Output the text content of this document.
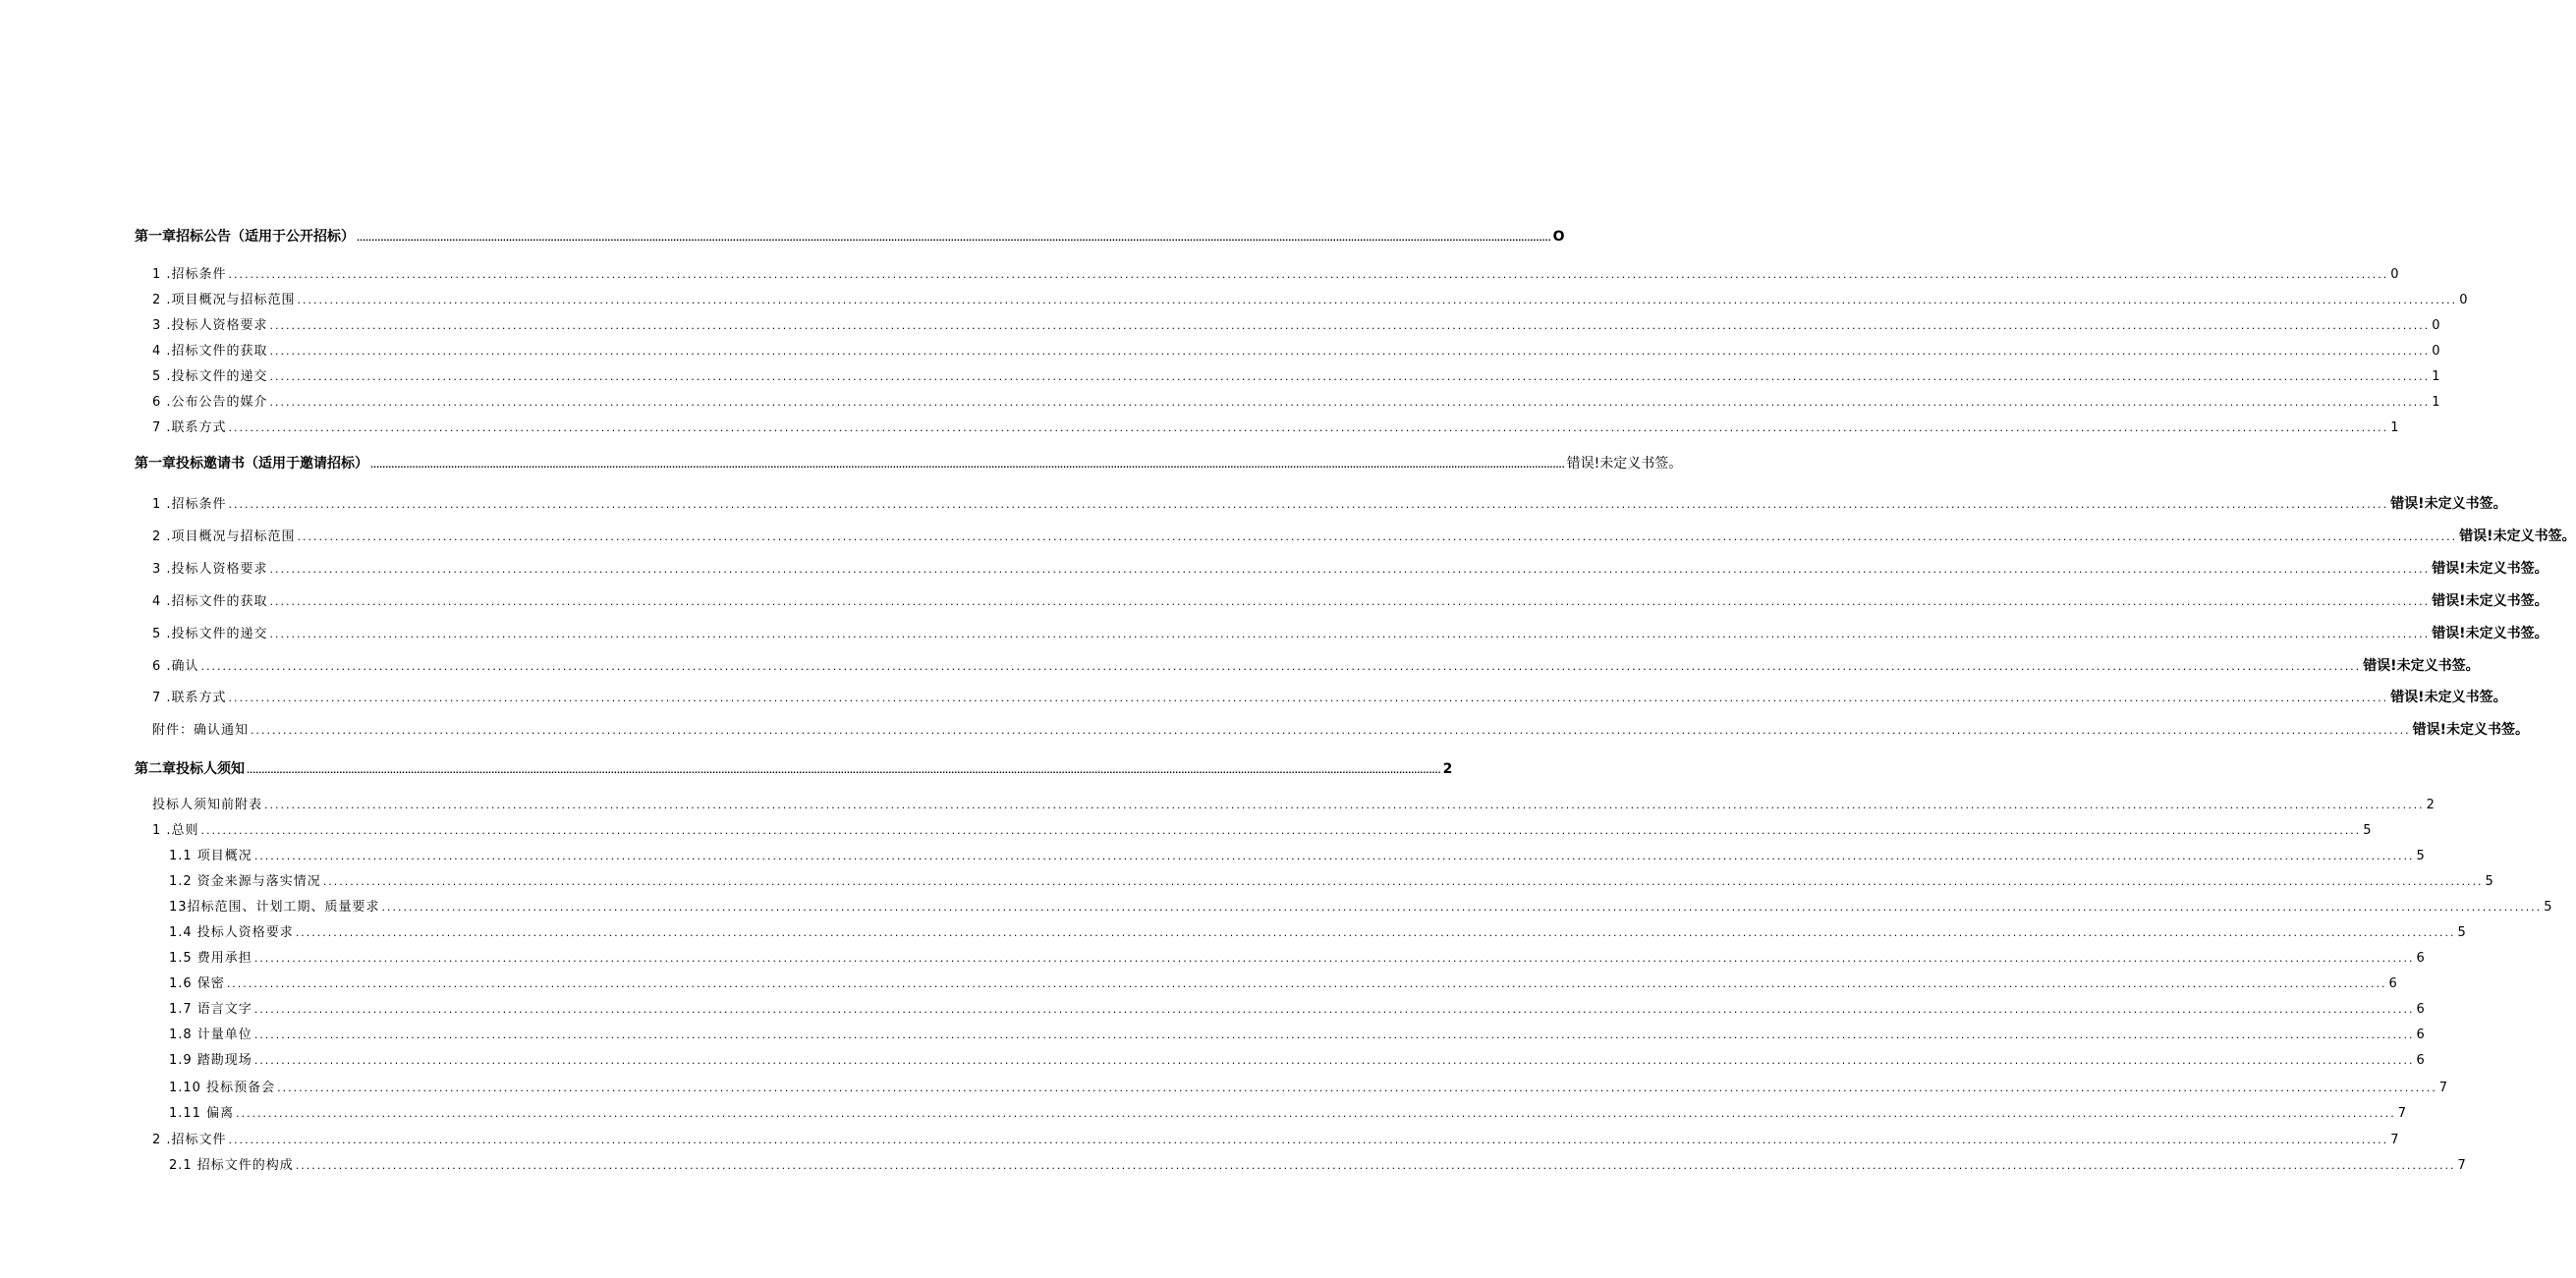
第一章招标公告（适用于公开招标） ................................................................................................................................................................................................................................................................................................................................................................................................................ O
1 .招标条件 ................................................................................................................................................................................................................................................................................................................................................................................................................ 0
2 .项目概况与招标范围 ................................................................................................................................................................................................................................................................................................................................................................................................................ 0
3 .投标人资格要求 ................................................................................................................................................................................................................................................................................................................................................................................................................ 0
4 .招标文件的获取 ................................................................................................................................................................................................................................................................................................................................................................................................................ 0
5 .投标文件的递交 ................................................................................................................................................................................................................................................................................................................................................................................................................ 1
6 .公布公告的媒介 ................................................................................................................................................................................................................................................................................................................................................................................................................ 1
7 .联系方式 ................................................................................................................................................................................................................................................................................................................................................................................................................ 1
第一章投标邀请书（适用于邀请招标） ................................................................................................................................................................................................................................................................................................................................................................................................................ 错误!未定义书签。
1 .招标条件 ................................................................................................................................................................................................................................................................................................................................................................................................................ 错误!未定义书签。
2 .项目概况与招标范围 ................................................................................................................................................................................................................................................................................................................................................................................................................ 错误!未定义书签。
3 .投标人资格要求 ................................................................................................................................................................................................................................................................................................................................................................................................................ 错误!未定义书签。
4 .招标文件的获取 ................................................................................................................................................................................................................................................................................................................................................................................................................ 错误!未定义书签。
5 .投标文件的递交 ................................................................................................................................................................................................................................................................................................................................................................................................................ 错误!未定义书签。
6 .确认 ................................................................................................................................................................................................................................................................................................................................................................................................................ 错误!未定义书签。
7 .联系方式 ................................................................................................................................................................................................................................................................................................................................................................................................................ 错误!未定义书签。
附件：确认通知 ................................................................................................................................................................................................................................................................................................................................................................................................................ 错误!未定义书签。
第二章投标人须知 ................................................................................................................................................................................................................................................................................................................................................................................................................ 2
投标人须知前附表 ................................................................................................................................................................................................................................................................................................................................................................................................................ 2
1 .总则 ................................................................................................................................................................................................................................................................................................................................................................................................................ 5
1.1 项目概况 ................................................................................................................................................................................................................................................................................................................................................................................................................ 5
1.2 资金来源与落实情况 ................................................................................................................................................................................................................................................................................................................................................................................................................ 5
13招标范围、计划工期、质量要求 ................................................................................................................................................................................................................................................................................................................................................................................................................ 5
1.4 投标人资格要求 ................................................................................................................................................................................................................................................................................................................................................................................................................ 5
1.5 费用承担 ................................................................................................................................................................................................................................................................................................................................................................................................................ 6
1.6 保密 ................................................................................................................................................................................................................................................................................................................................................................................................................ 6
1.7 语言文字 ................................................................................................................................................................................................................................................................................................................................................................................................................ 6
1.8 计量单位 ................................................................................................................................................................................................................................................................................................................................................................................................................ 6
1.9 踏勘现场 ................................................................................................................................................................................................................................................................................................................................................................................................................ 6
1.10 投标预备会 ................................................................................................................................................................................................................................................................................................................................................................................................................ 7
1.11 偏离 ................................................................................................................................................................................................................................................................................................................................................................................................................ 7
2 .招标文件 ................................................................................................................................................................................................................................................................................................................................................................................................................ 7
2.1 招标文件的构成 ................................................................................................................................................................................................................................................................................................................................................................................................................ 7
